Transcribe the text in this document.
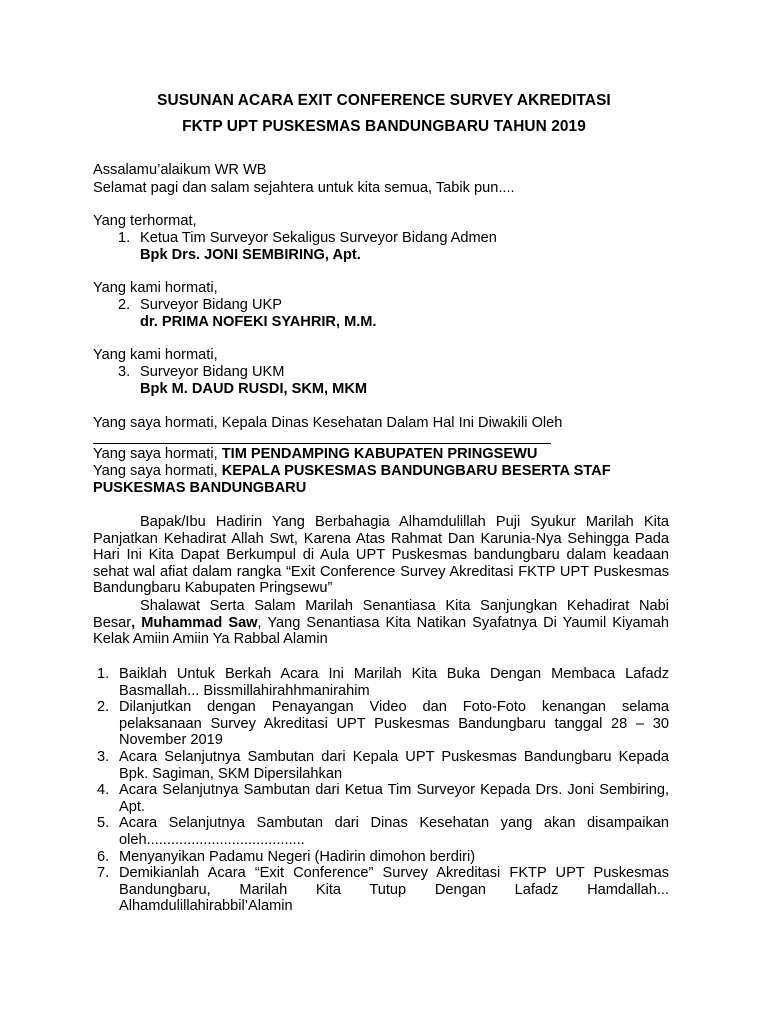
SUSUNAN ACARA EXIT CONFERENCE SURVEY AKREDITASI
FKTP UPT PUSKESMAS BANDUNGBARU TAHUN 2019
Assalamu’alaikum WR WB
Selamat pagi dan salam sejahtera untuk kita semua, Tabik pun....
Yang terhormat,
1. Ketua Tim Surveyor Sekaligus Surveyor Bidang Admen
Bpk Drs. JONI SEMBIRING, Apt.
Yang kami hormati,
2. Surveyor Bidang UKP
dr. PRIMA NOFEKI SYAHRIR, M.M.
Yang kami hormati,
3. Surveyor Bidang UKM
Bpk M. DAUD RUSDI, SKM, MKM
Yang saya hormati, Kepala Dinas Kesehatan Dalam Hal Ini Diwakili Oleh
Yang saya hormati, TIM PENDAMPING KABUPATEN PRINGSEWU
Yang saya hormati, KEPALA PUSKESMAS BANDUNGBARU BESERTA STAF
PUSKESMAS BANDUNGBARU
Bapak/Ibu Hadirin Yang Berbahagia Alhamdulillah Puji Syukur Marilah Kita Panjatkan Kehadirat Allah Swt, Karena Atas Rahmat Dan Karunia-Nya Sehingga Pada Hari Ini Kita Dapat Berkumpul di Aula UPT Puskesmas bandungbaru dalam keadaan sehat wal afiat dalam rangka “Exit Conference Survey Akreditasi FKTP UPT Puskesmas Bandungbaru Kabupaten Pringsewu”
Shalawat Serta Salam Marilah Senantiasa Kita Sanjungkan Kehadirat Nabi Besar, Muhammad Saw, Yang Senantiasa Kita Natikan Syafatnya Di Yaumil Kiyamah Kelak Amiin Amiin Ya Rabbal Alamin
1. Baiklah Untuk Berkah Acara Ini Marilah Kita Buka Dengan Membaca Lafadz Basmallah... Bissmillahirahhmanirahim
2. Dilanjutkan dengan Penayangan Video dan Foto-Foto kenangan selama pelaksanaan Survey Akreditasi UPT Puskesmas Bandungbaru tanggal 28 – 30 November 2019
3. Acara Selanjutnya Sambutan dari Kepala UPT Puskesmas Bandungbaru Kepada Bpk. Sagiman, SKM Dipersilahkan
4. Acara Selanjutnya Sambutan dari Ketua Tim Surveyor Kepada Drs. Joni Sembiring, Apt.
5. Acara Selanjutnya Sambutan dari Dinas Kesehatan yang akan disampaikan oleh.......................................
6. Menyanyikan Padamu Negeri (Hadirin dimohon berdiri)
7. Demikianlah Acara “Exit Conference” Survey Akreditasi FKTP UPT Puskesmas Bandungbaru, Marilah Kita Tutup Dengan Lafadz Hamdallah... Alhamdulillahirabbil’Alamin
